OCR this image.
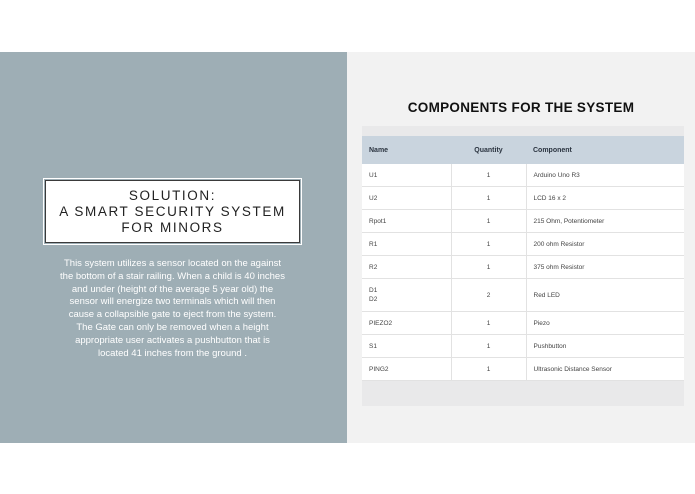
SOLUTION:
A SMART SECURITY SYSTEM
FOR MINORS
This system utilizes a sensor located on the against the bottom of a stair railing. When a child is 40 inches and under (height of the average 5 year old) the sensor will energize two terminals which will then cause a collapsible gate to eject from the system. The Gate can only be removed when a height appropriate user activates a pushbutton that is located 41 inches from the ground .
COMPONENTS FOR THE SYSTEM
Name	Quantity	Component

U1	1	Arduino Uno R3

U2	1	LCD 16 x 2

Rpot1	1	215 Ohm, Potentiometer

R1	1	200 ohm Resistor

R2	1	375 ohm Resistor

D1
D2	2	Red LED

PIEZO2	1	Piezo

S1	1	Pushbutton

PING2	1	Ultrasonic Distance Sensor
